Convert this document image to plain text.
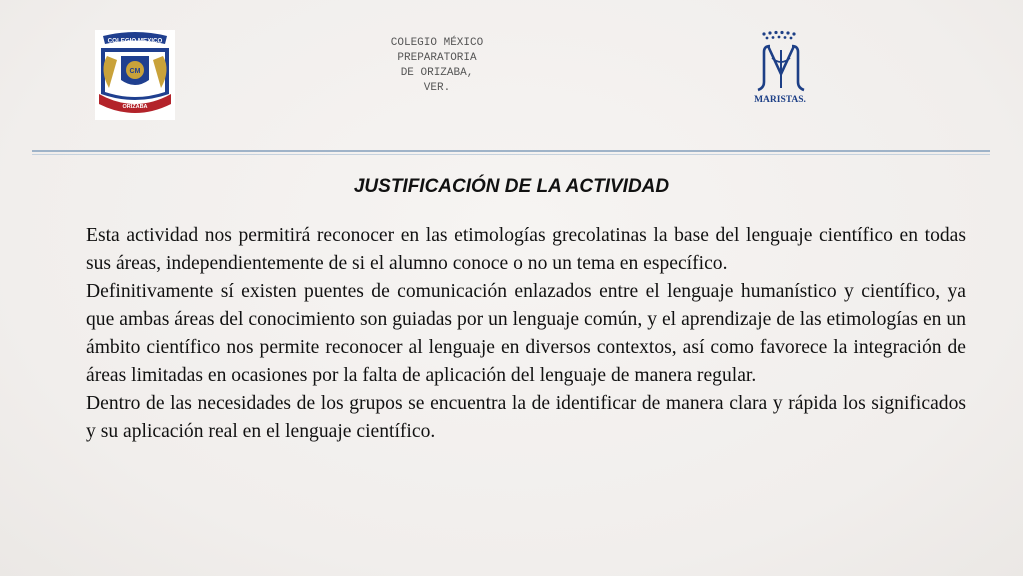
COLEGIO MEXICO
CM
ORIZABA
COLEGIO MÉXICO
PREPARATORIA
DE ORIZABA,
VER.
MARISTAS.
JUSTIFICACIÓN DE LA ACTIVIDAD

Esta actividad nos permitirá reconocer en las etimologías grecolatinas la base del lenguaje científico en todas sus áreas, independientemente de si el alumno conoce o no un tema en específico.

Definitivamente sí existen puentes de comunicación enlazados entre el lenguaje humanístico y científico, ya que ambas áreas del conocimiento son guiadas por un lenguaje común, y el aprendizaje de las etimologías en un ámbito científico nos permite reconocer al lenguaje en diversos contextos, así como favorece la integración de áreas limitadas en ocasiones por la falta de aplicación del lenguaje de manera regular.

Dentro de las necesidades de los grupos se encuentra la de identificar de manera clara y rápida los significados y su aplicación real en el lenguaje científico.
